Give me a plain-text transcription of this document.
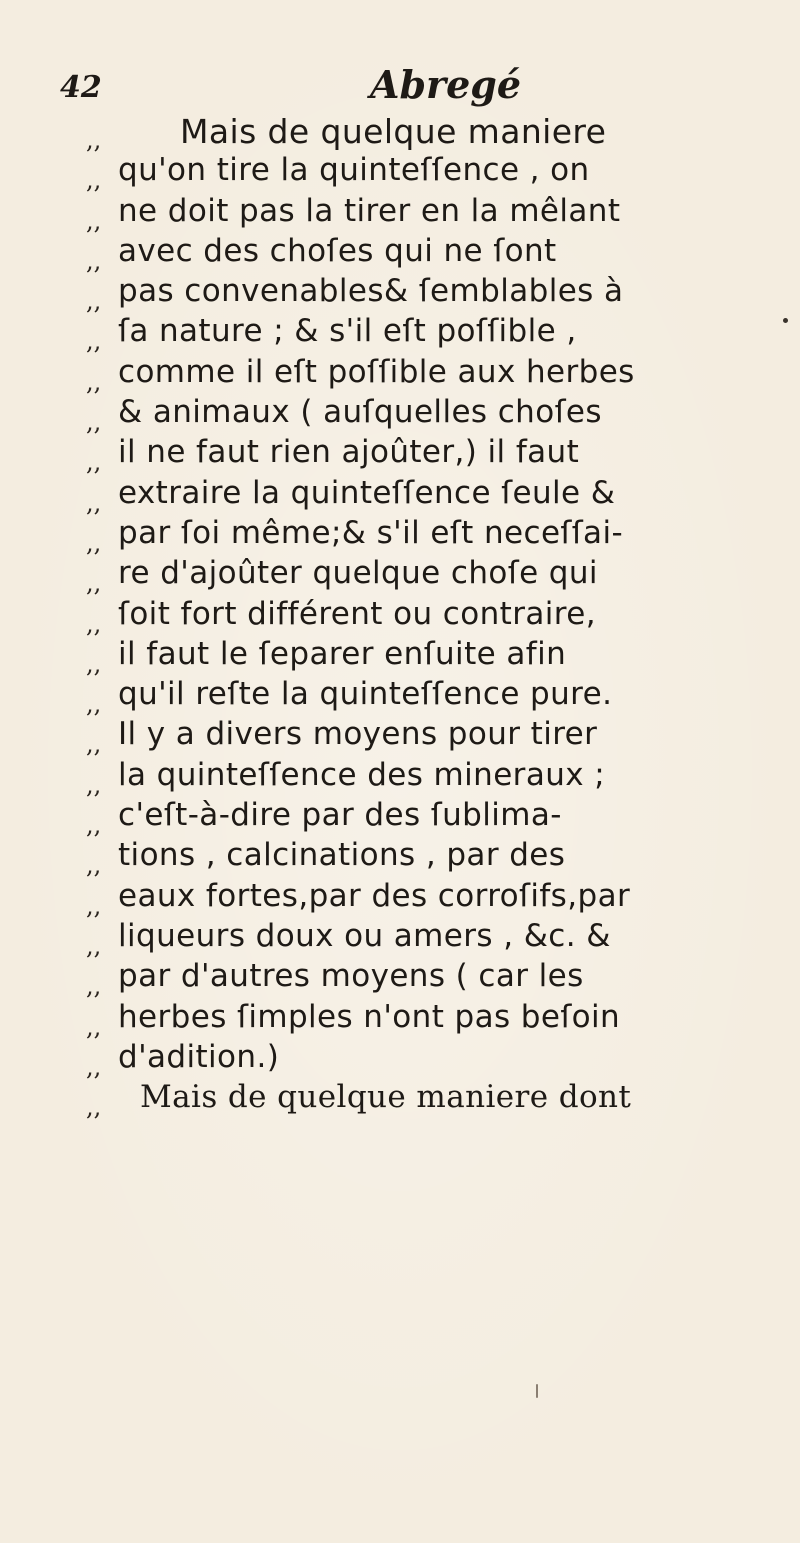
42	Abregé
,, Mais de quelque maniere
,, qu'on tire la quinteſſence , on
,, ne doit pas la tirer en la mêlant
,, avec des choſes qui ne ſont
,, pas convenables& ſemblables à
,, ſa nature ; & s'il eſt poſſible ,
,, comme il eſt poſſible aux herbes
,, & animaux ( auſquelles choſes
,, il ne faut rien ajoûter,) il faut
,, extraire la quinteſſence ſeule &
,, par ſoi même;& s'il eſt neceſſai-
,, re d'ajoûter quelque choſe qui
,, ſoit fort différent ou contraire,
,, il faut le ſeparer enſuite afin
,, qu'il reſte la quinteſſence pure.
,, Il y a divers moyens pour tirer
,, la quinteſſence des mineraux ;
,, c'eſt-à-dire par des ſublima-
,, tions , calcinations , par des
,, eaux fortes,par des corroſifs,par
,, liqueurs doux ou amers , &c. &
,, par d'autres moyens ( car les
,, herbes ſimples n'ont pas beſoin
,, d'adition.)
,, Mais de quelque maniere dont
